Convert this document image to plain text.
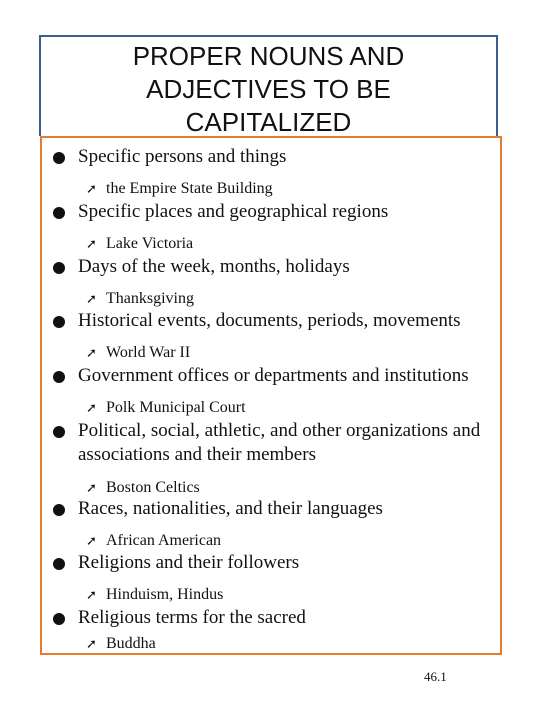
PROPER NOUNS AND
ADJECTIVES TO BE
CAPITALIZED
Specific persons and things
➚ the Empire State Building
Specific places and geographical regions
➚ Lake Victoria
Days of the week, months, holidays
➚ Thanksgiving
Historical events, documents, periods, movements
➚ World War II
Government offices or departments and institutions
➚ Polk Municipal Court
Political, social, athletic, and other organizations and associations and their members
➚ Boston Celtics
Races, nationalities, and their languages
➚ African American
Religions and their followers
➚ Hinduism, Hindus
Religious terms for the sacred
➚ Buddha
46.1
